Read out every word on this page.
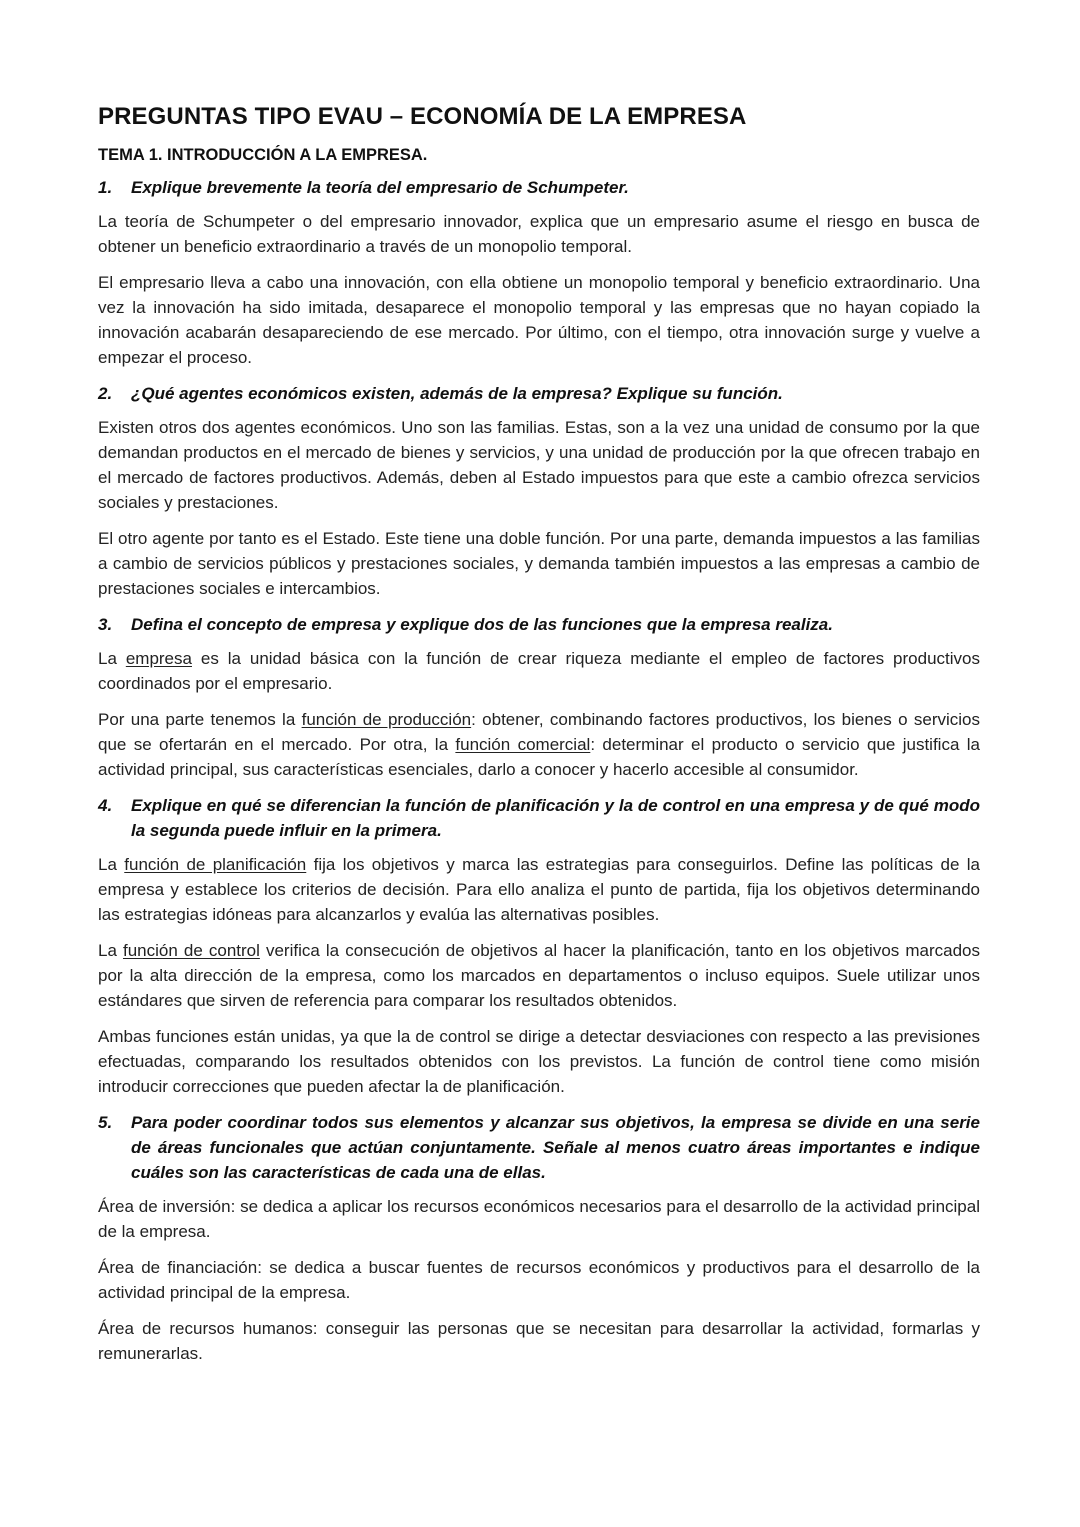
PREGUNTAS TIPO EVAU – ECONOMÍA DE LA EMPRESA
TEMA 1. INTRODUCCIÓN A LA EMPRESA.
1.	Explique brevemente la teoría del empresario de Schumpeter.

La teoría de Schumpeter o del empresario innovador, explica que un empresario asume el riesgo en busca de obtener un beneficio extraordinario a través de un monopolio temporal.

El empresario lleva a cabo una innovación, con ella obtiene un monopolio temporal y beneficio extraordinario. Una vez la innovación ha sido imitada, desaparece el monopolio temporal y las empresas que no hayan copiado la innovación acabarán desapareciendo de ese mercado. Por último, con el tiempo, otra innovación surge y vuelve a empezar el proceso.

2.	¿Qué agentes económicos existen, además de la empresa? Explique su función.

Existen otros dos agentes económicos. Uno son las familias. Estas, son a la vez una unidad de consumo por la que demandan productos en el mercado de bienes y servicios, y una unidad de producción por la que ofrecen trabajo en el mercado de factores productivos. Además, deben al Estado impuestos para que este a cambio ofrezca servicios sociales y prestaciones.

El otro agente por tanto es el Estado. Este tiene una doble función. Por una parte, demanda impuestos a las familias a cambio de servicios públicos y prestaciones sociales, y demanda también impuestos a las empresas a cambio de prestaciones sociales e intercambios.

3.	Defina el concepto de empresa y explique dos de las funciones que la empresa realiza.

La empresa es la unidad básica con la función de crear riqueza mediante el empleo de factores productivos coordinados por el empresario.

Por una parte tenemos la función de producción: obtener, combinando factores productivos, los bienes o servicios que se ofertarán en el mercado. Por otra, la función comercial: determinar el producto o servicio que justifica la actividad principal, sus características esenciales, darlo a conocer y hacerlo accesible al consumidor.

4.	Explique en qué se diferencian la función de planificación y la de control en una empresa y de qué modo la segunda puede influir en la primera.

La función de planificación fija los objetivos y marca las estrategias para conseguirlos. Define las políticas de la empresa y establece los criterios de decisión. Para ello analiza el punto de partida, fija los objetivos determinando las estrategias idóneas para alcanzarlos y evalúa las alternativas posibles.

La función de control verifica la consecución de objetivos al hacer la planificación, tanto en los objetivos marcados por la alta dirección de la empresa, como los marcados en departamentos o incluso equipos. Suele utilizar unos estándares que sirven de referencia para comparar los resultados obtenidos.

Ambas funciones están unidas, ya que la de control se dirige a detectar desviaciones con respecto a las previsiones efectuadas, comparando los resultados obtenidos con los previstos. La función de control tiene como misión introducir correcciones que pueden afectar la de planificación.

5.	Para poder coordinar todos sus elementos y alcanzar sus objetivos, la empresa se divide en una serie de áreas funcionales que actúan conjuntamente. Señale al menos cuatro áreas importantes e indique cuáles son las características de cada una de ellas.

Área de inversión: se dedica a aplicar los recursos económicos necesarios para el desarrollo de la actividad principal de la empresa.

Área de financiación: se dedica a buscar fuentes de recursos económicos y productivos para el desarrollo de la actividad principal de la empresa.

Área de recursos humanos: conseguir las personas que se necesitan para desarrollar la actividad, formarlas y remunerarlas.
